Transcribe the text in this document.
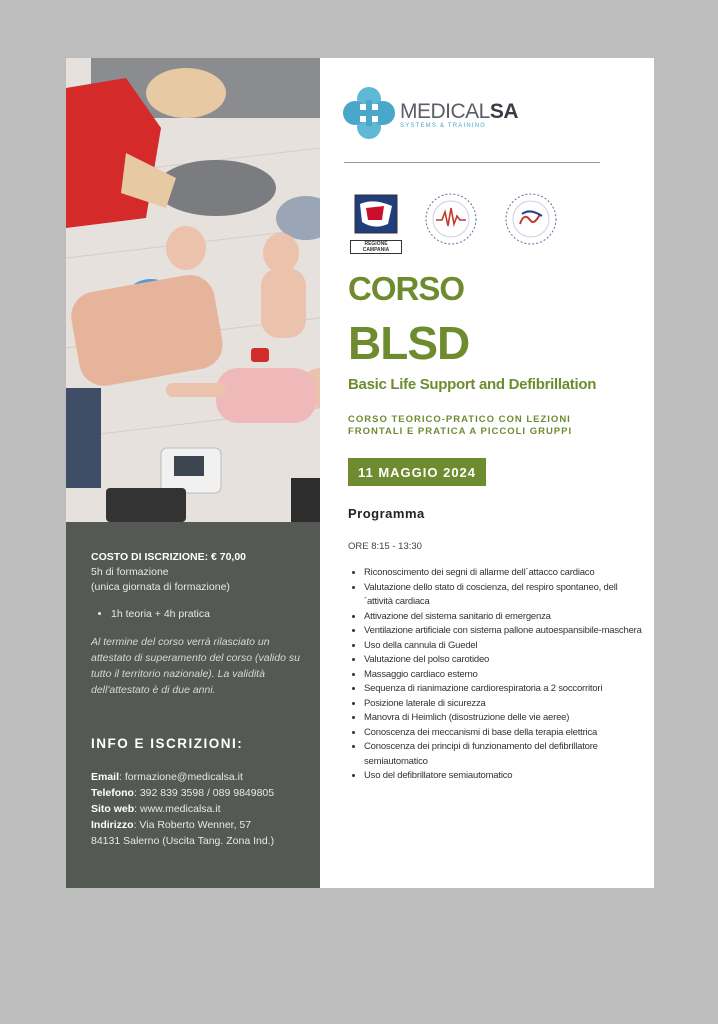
COSTO DI ISCRIZIONE: € 70,00
5h di formazione
(unica giornata di formazione)
• 1h teoria + 4h pratica
Al termine del corso verrà rilasciato un attestato di superamento del corso (valido su tutto il territorio nazionale). La validità dell'attestato è di due anni.
INFO E ISCRIZIONI:
Email: formazione@medicalsa.it
Telefono: 392 839 3598 / 089 9849805
Sito web: www.medicalsa.it
Indirizzo: Via Roberto Wenner, 57
84131 Salerno (Uscita Tang. Zona Ind.)
MEDICALSA
SYSTEMS & TRAINING
REGIONE CAMPANIA
CORSO
BLSD
Basic Life Support and Defibrillation
CORSO TEORICO-PRATICO CON LEZIONI FRONTALI E PRATICA A PICCOLI GRUPPI
11 MAGGIO 2024
Programma
ORE 8:15 - 13:30
• Riconoscimento dei segni di allarme dell´attacco cardiaco
• Valutazione dello stato di coscienza, del respiro spontaneo, dell´attività cardiaca
• Attivazione del sistema sanitario di emergenza
• Ventilazione artificiale con sistema pallone autoespansibile-maschera
• Uso della cannula di Guedel
• Valutazione del polso carotideo
• Massaggio cardiaco esterno
• Sequenza di rianimazione cardiorespiratoria a 2 soccorritori
• Posizione laterale di sicurezza
• Manovra di Heimlich (disostruzione delle vie aeree)
• Conoscenza dei meccanismi di base della terapia elettrica
• Conoscenza dei principi di funzionamento del defibrillatore semiautomatico
• Uso del defibrillatore semiautomatico
